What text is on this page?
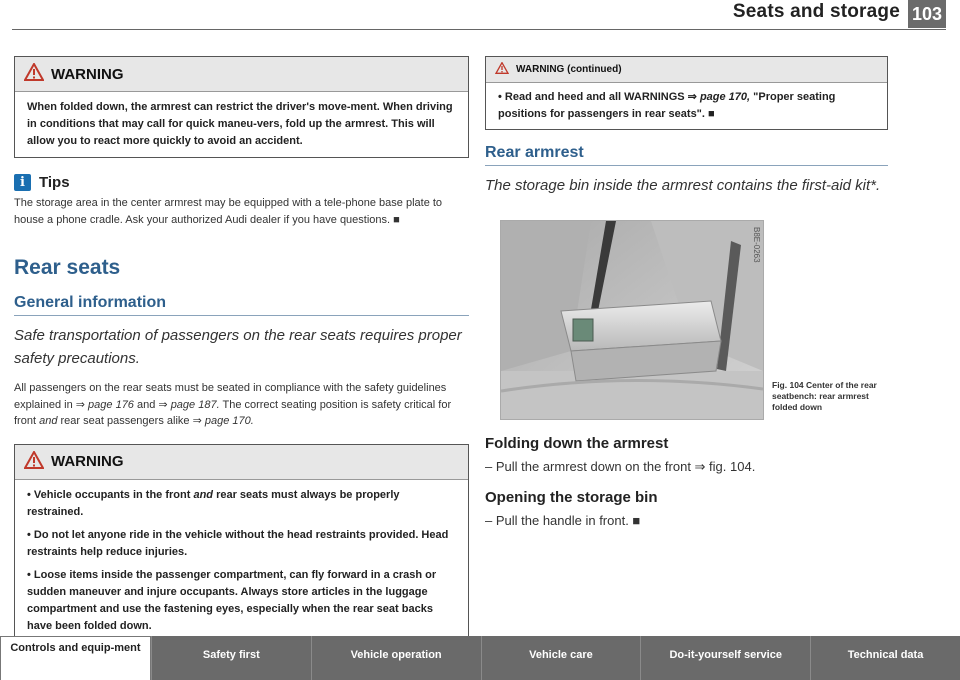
Seats and storage 103
WARNING

When folded down, the armrest can restrict the driver's move-ment. When driving in conditions that may call for quick maneu-vers, fold up the armrest. This will allow you to react more quickly to avoid an accident.

i Tips
The storage area in the center armrest may be equipped with a tele-phone base plate to house a phone cradle. Ask your authorized Audi dealer if you have questions. ■
Rear seats
General information
Safe transportation of passengers on the rear seats requires proper safety precautions.
All passengers on the rear seats must be seated in compliance with the safety guidelines explained in ⇒ page 176 and ⇒ page 187. The correct seating position is safety critical for front and rear seat passengers alike ⇒ page 170.
WARNING

• Vehicle occupants in the front and rear seats must always be properly restrained.

• Do not let anyone ride in the vehicle without the head restraints provided. Head restraints help reduce injuries.

• Loose items inside the passenger compartment, can fly forward in a crash or sudden maneuver and injure occupants. Always store articles in the luggage compartment and use the fastening eyes, especially when the rear seat backs have been folded down.

WARNING (continued)

• Read and heed and all WARNINGS ⇒ page 170, "Proper seating positions for passengers in rear seats". ■

Rear armrest
The storage bin inside the armrest contains the first-aid kit*.
B8E-0263
Fig. 104 Center of the rear seatbench: rear armrest folded down
Folding down the armrest
– Pull the armrest down on the front ⇒ fig. 104.
Opening the storage bin
– Pull the handle in front. ■
Controls and equip-ment
Safety first	Vehicle operation	Vehicle care	Do-it-yourself service	Technical data
